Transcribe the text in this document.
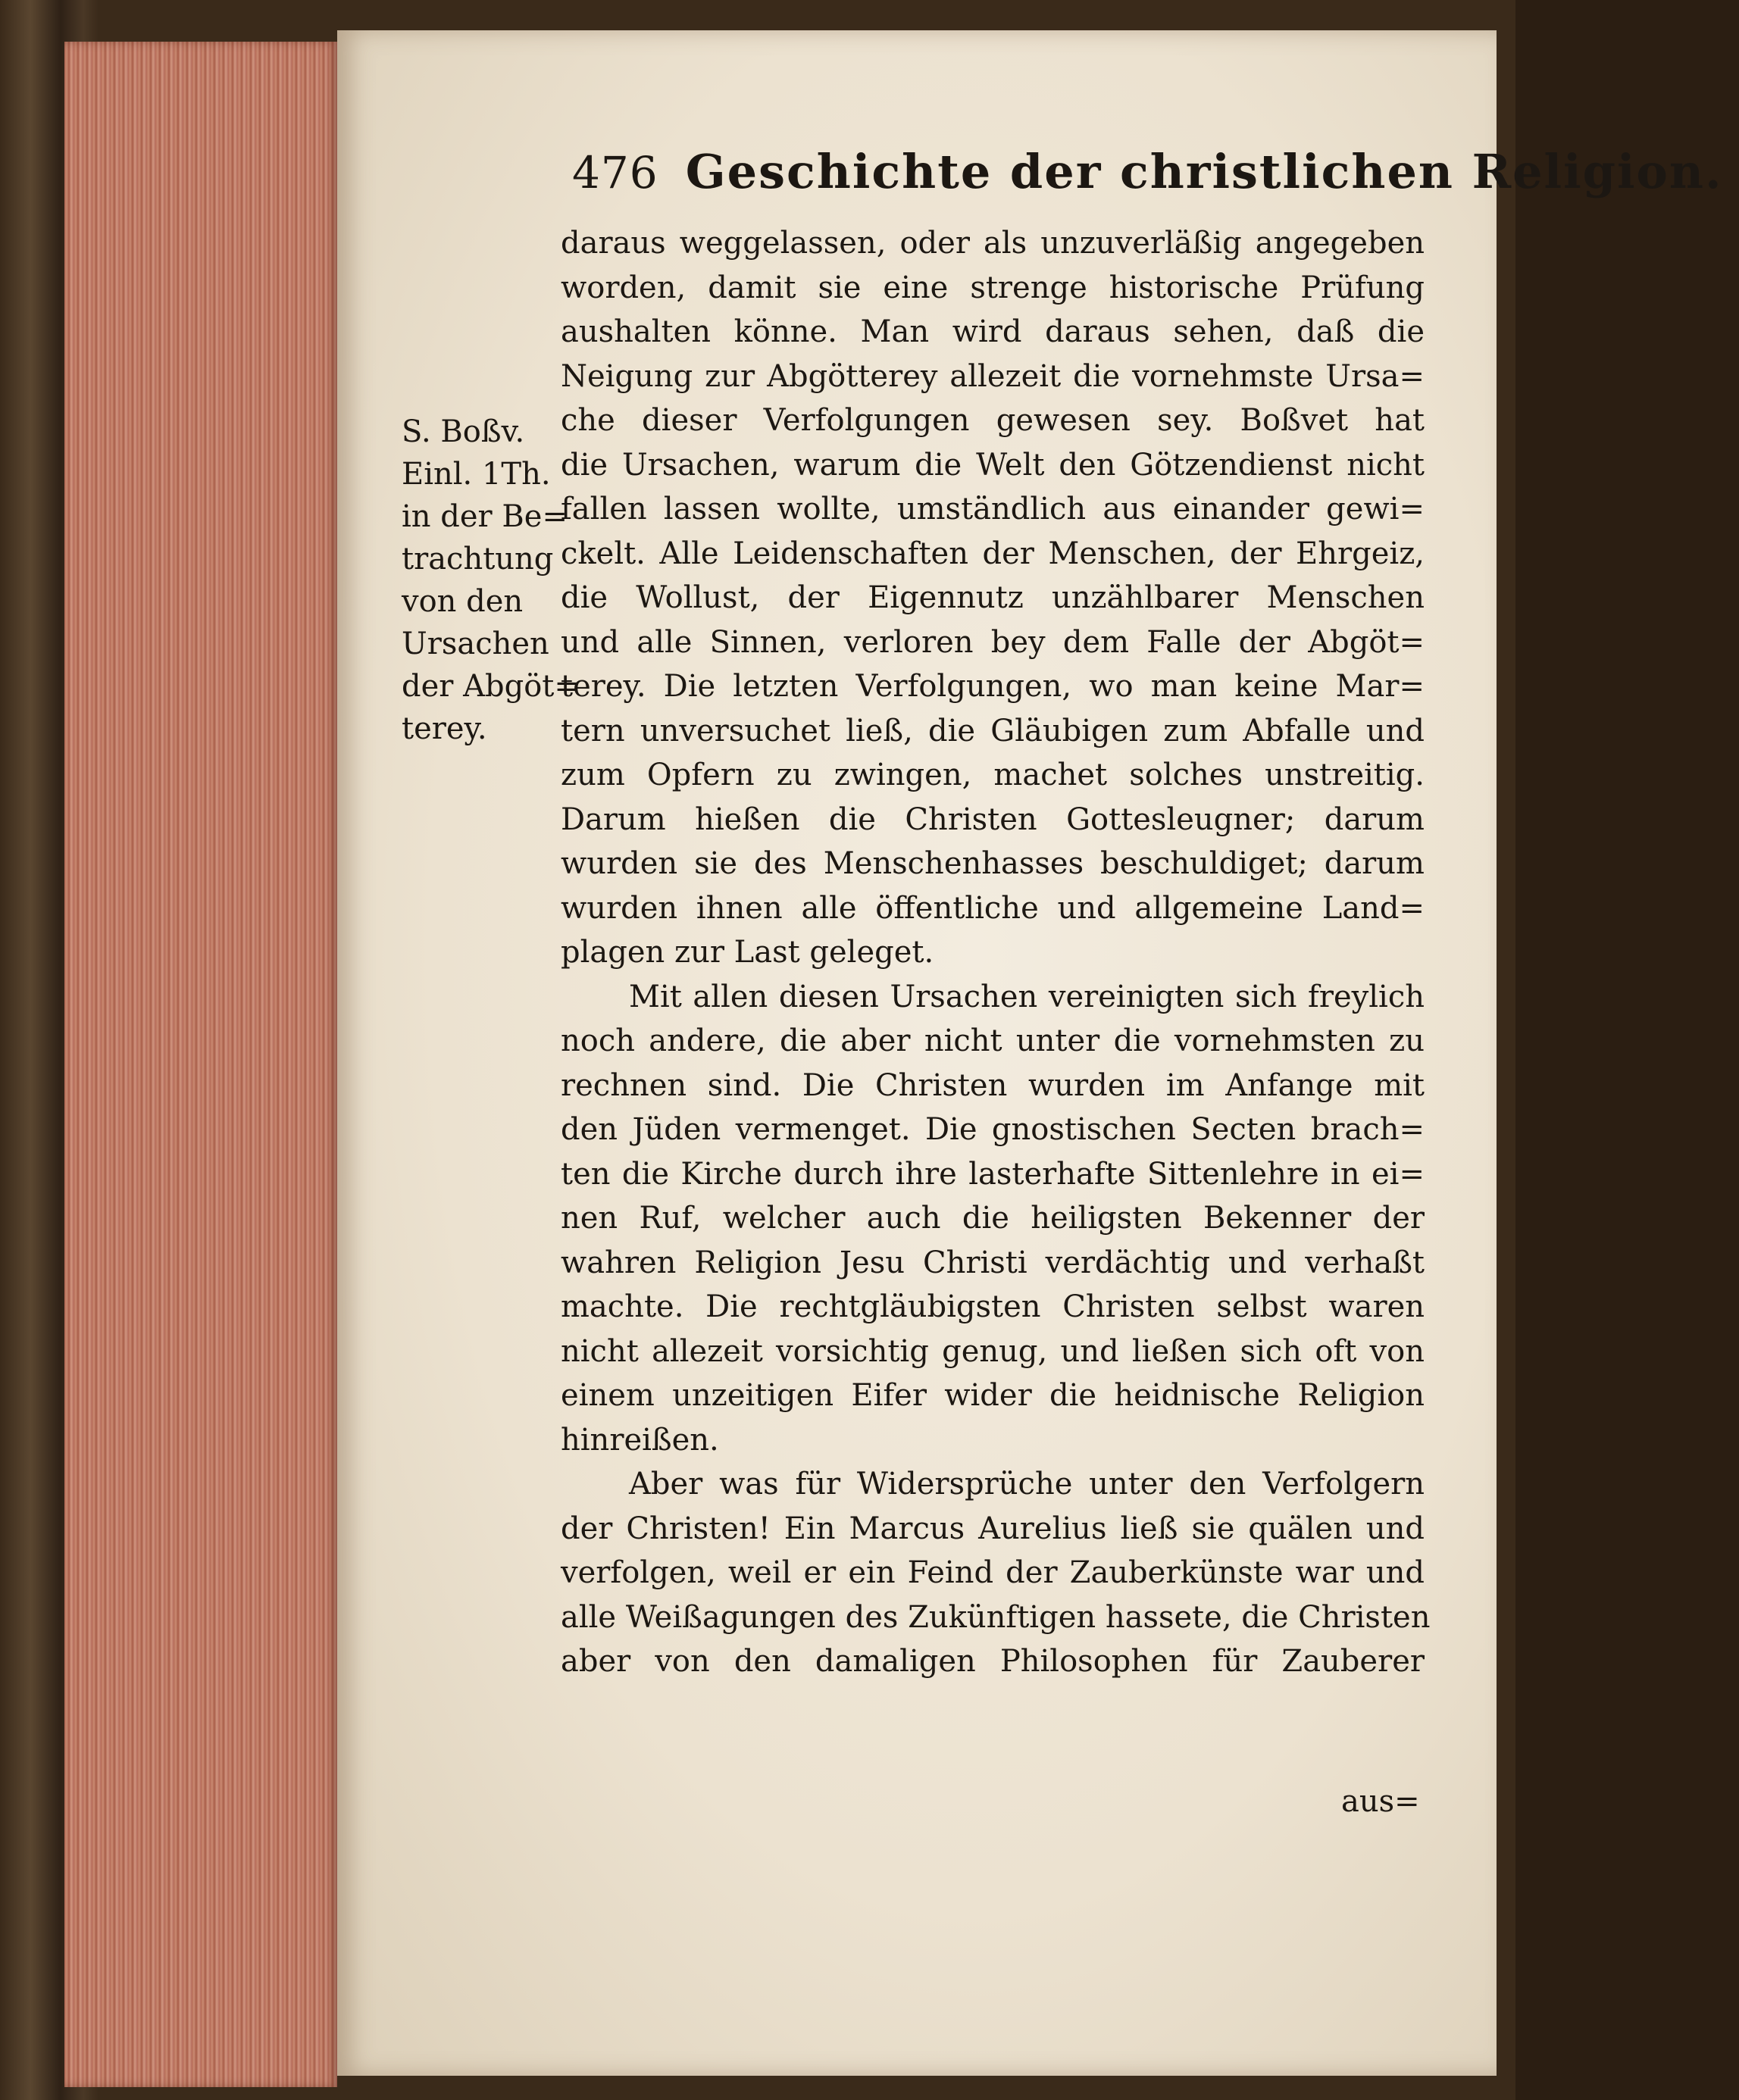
476 Geschichte der christlichen Religion.
S. Boßv.
Einl. 1Th.
in der Be=
trachtung
von den
Ursachen
der Abgöt=
terey.
daraus weggelassen, oder als unzuverläßig angegeben
worden, damit sie eine strenge historische Prüfung
aushalten könne. Man wird daraus sehen, daß die
Neigung zur Abgötterey allezeit die vornehmste Ursa=
che dieser Verfolgungen gewesen sey. Boßvet hat
die Ursachen, warum die Welt den Götzendienst nicht
fallen lassen wollte, umständlich aus einander gewi=
ckelt. Alle Leidenschaften der Menschen, der Ehrgeiz,
die Wollust, der Eigennutz unzählbarer Menschen
und alle Sinnen, verloren bey dem Falle der Abgöt=
terey. Die letzten Verfolgungen, wo man keine Mar=
tern unversuchet ließ, die Gläubigen zum Abfalle und
zum Opfern zu zwingen, machet solches unstreitig.
Darum hießen die Christen Gottesleugner; darum
wurden sie des Menschenhasses beschuldiget; darum
wurden ihnen alle öffentliche und allgemeine Land=
plagen zur Last geleget.
Mit allen diesen Ursachen vereinigten sich freylich
noch andere, die aber nicht unter die vornehmsten zu
rechnen sind. Die Christen wurden im Anfange mit
den Jüden vermenget. Die gnostischen Secten brach=
ten die Kirche durch ihre lasterhafte Sittenlehre in ei=
nen Ruf, welcher auch die heiligsten Bekenner der
wahren Religion Jesu Christi verdächtig und verhaßt
machte. Die rechtgläubigsten Christen selbst waren
nicht allezeit vorsichtig genug, und ließen sich oft von
einem unzeitigen Eifer wider die heidnische Religion
hinreißen.
Aber was für Widersprüche unter den Verfolgern
der Christen! Ein Marcus Aurelius ließ sie quälen und
verfolgen, weil er ein Feind der Zauberkünste war und
alle Weißagungen des Zukünftigen hassete, die Christen
aber von den damaligen Philosophen für Zauberer
aus=
